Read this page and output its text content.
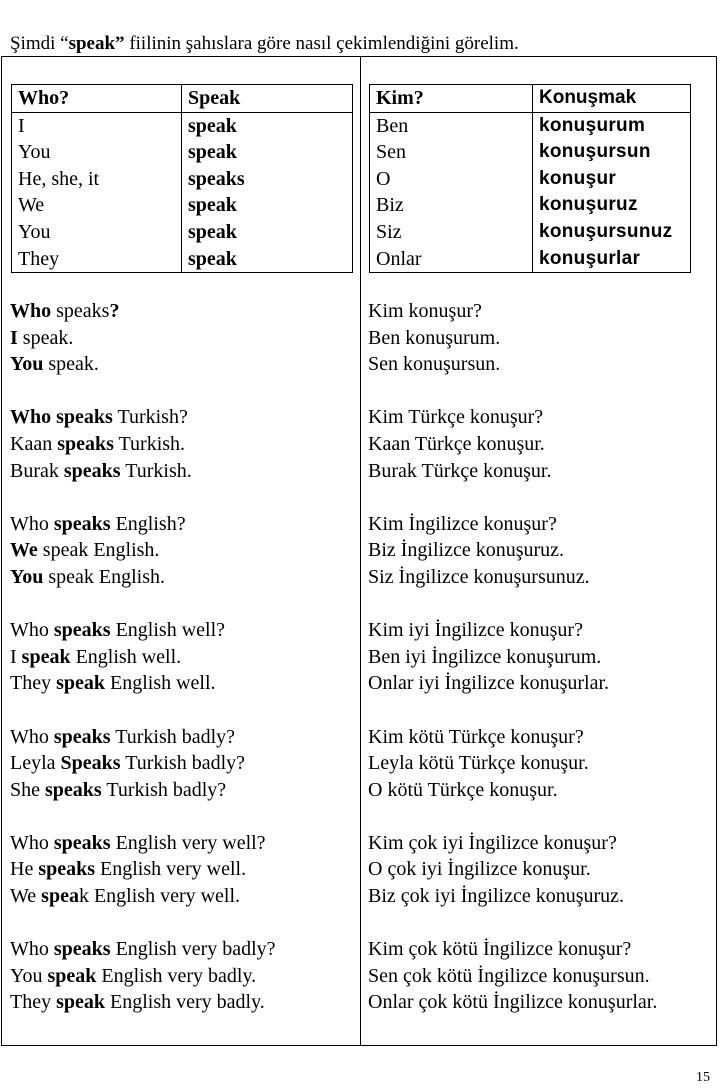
Şimdi “speak” fiilinin şahıslara göre nasıl çekimlendiğini görelim.
Who?	Speak
I	speak
You	speak
He, she, it	speaks
We	speak
You	speak
They	speak
Kim?	Konuşmak
Ben	konuşurum
Sen	konuşursun
O	konuşur
Biz	konuşuruz
Siz	konuşursunuz
Onlar	konuşurlar
Who speaks?
I speak.
You speak.
Who speaks Turkish?
Kaan speaks Turkish.
Burak speaks Turkish.
Who speaks English?
We speak English.
You speak English.
Who speaks English well?
I speak English well.
They speak English well.
Who speaks Turkish badly?
Leyla Speaks Turkish badly?
She speaks Turkish badly?
Who speaks English very well?
He speaks English very well.
We speak English very well.
Who speaks English very badly?
You speak English very badly.
They speak English very badly.
Kim konuşur?
Ben konuşurum.
Sen konuşursun.
Kim Türkçe konuşur?
Kaan Türkçe konuşur.
Burak Türkçe konuşur.
Kim İngilizce konuşur?
Biz İngilizce konuşuruz.
Siz İngilizce konuşursunuz.
Kim iyi İngilizce konuşur?
Ben iyi İngilizce konuşurum.
Onlar iyi İngilizce konuşurlar.
Kim kötü Türkçe konuşur?
Leyla kötü Türkçe konuşur.
O kötü Türkçe konuşur.
Kim çok iyi İngilizce konuşur?
O çok iyi İngilizce konuşur.
Biz çok iyi İngilizce konuşuruz.
Kim çok kötü İngilizce konuşur?
Sen çok kötü İngilizce konuşursun.
Onlar çok kötü İngilizce konuşurlar.
15
